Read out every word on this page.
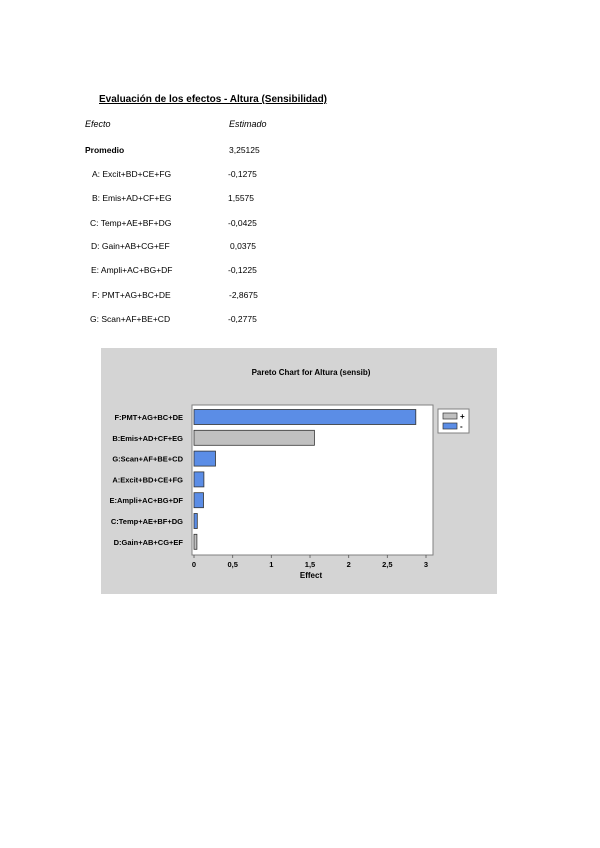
Evaluación de los efectos - Altura (Sensibilidad)
Efecto	Estimado
Promedio	3,25125
A: Excit+BD+CE+FG	-0,1275
B: Emis+AD+CF+EG	1,5575
C: Temp+AE+BF+DG	-0,0425
D: Gain+AB+CG+EF	0,0375
E: Ampli+AC+BG+DF	-0,1225
F: PMT+AG+BC+DE	-2,8675
G: Scan+AF+BE+CD	-0,2775
Pareto Chart for Altura (sensib)
F:PMT+AG+BC+DE
B:Emis+AD+CF+EG
G:Scan+AF+BE+CD
A:Excit+BD+CE+FG
E:Ampli+AC+BG+DF
C:Temp+AE+BF+DG
D:Gain+AB+CG+EF
0	0,5	1	1,5	2	2,5	3
Effect
+
-
